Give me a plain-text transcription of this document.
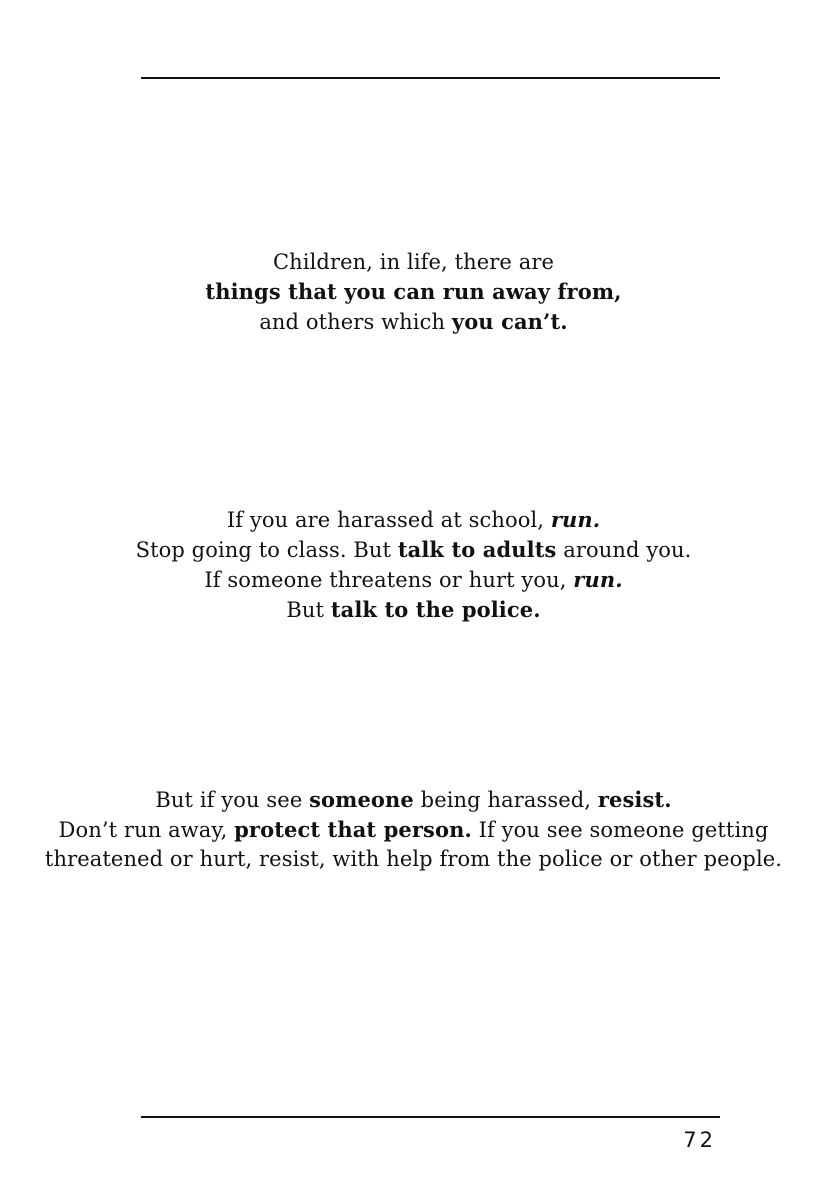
Children, in life, there are
things that you can run away from,
and others which you can’t.
If you are harassed at school, run.
Stop going to class. But talk to adults around you.
If someone threatens or hurt you, run.
But talk to the police.
But if you see someone being harassed, resist.
Don’t run away, protect that person. If you see someone getting
threatened or hurt, resist, with help from the police or other people.
72
